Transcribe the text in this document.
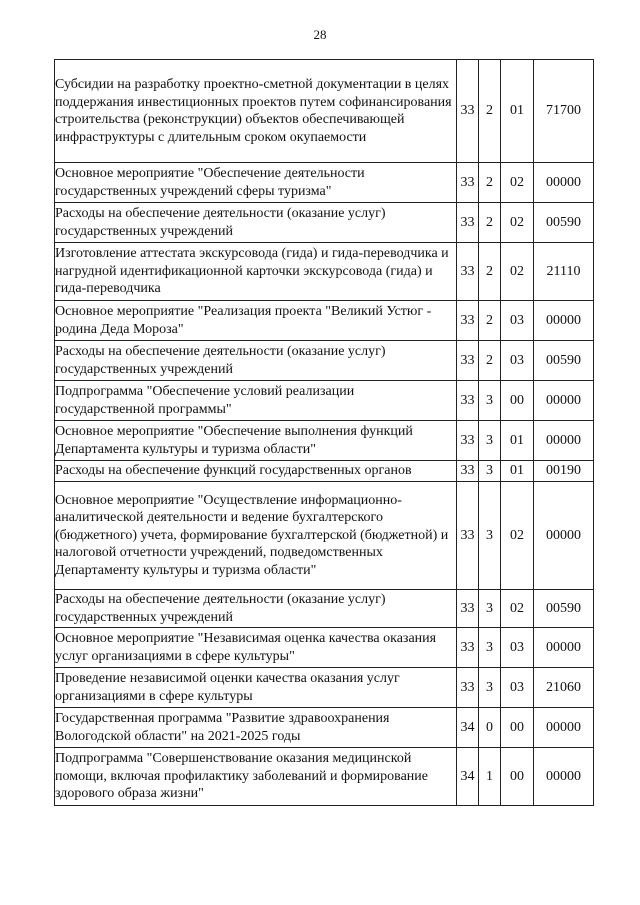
28
Субсидии на разработку проектно-сметной документации в целях поддержания инвестиционных проектов путем софинансирования строительства (реконструкции) объектов обеспечивающей инфраструктуры с длительным сроком окупаемости	33	2	01	71700
Основное мероприятие "Обеспечение деятельности государственных учреждений сферы туризма"	33	2	02	00000
Расходы на обеспечение деятельности (оказание услуг) государственных учреждений	33	2	02	00590
Изготовление аттестата экскурсовода (гида) и гида-переводчика и нагрудной идентификационной карточки экскурсовода (гида) и гида-переводчика	33	2	02	21110
Основное мероприятие "Реализация проекта "Великий Устюг - родина Деда Мороза"	33	2	03	00000
Расходы на обеспечение деятельности (оказание услуг) государственных учреждений	33	2	03	00590
Подпрограмма "Обеспечение условий реализации государственной программы"	33	3	00	00000
Основное мероприятие "Обеспечение выполнения функций Департамента культуры и туризма области"	33	3	01	00000
Расходы на обеспечение функций государственных органов	33	3	01	00190
Основное мероприятие "Осуществление информационно-аналитической деятельности и ведение бухгалтерского (бюджетного) учета, формирование бухгалтерской (бюджетной) и налоговой отчетности учреждений, подведомственных Департаменту культуры и туризма области"	33	3	02	00000
Расходы на обеспечение деятельности (оказание услуг) государственных учреждений	33	3	02	00590
Основное мероприятие "Независимая оценка качества оказания услуг организациями в сфере культуры"	33	3	03	00000
Проведение независимой оценки качества оказания услуг организациями в сфере культуры	33	3	03	21060
Государственная программа "Развитие здравоохранения Вологодской области" на 2021-2025 годы	34	0	00	00000
Подпрограмма "Совершенствование оказания медицинской помощи, включая профилактику заболеваний и формирование здорового образа жизни"	34	1	00	00000
